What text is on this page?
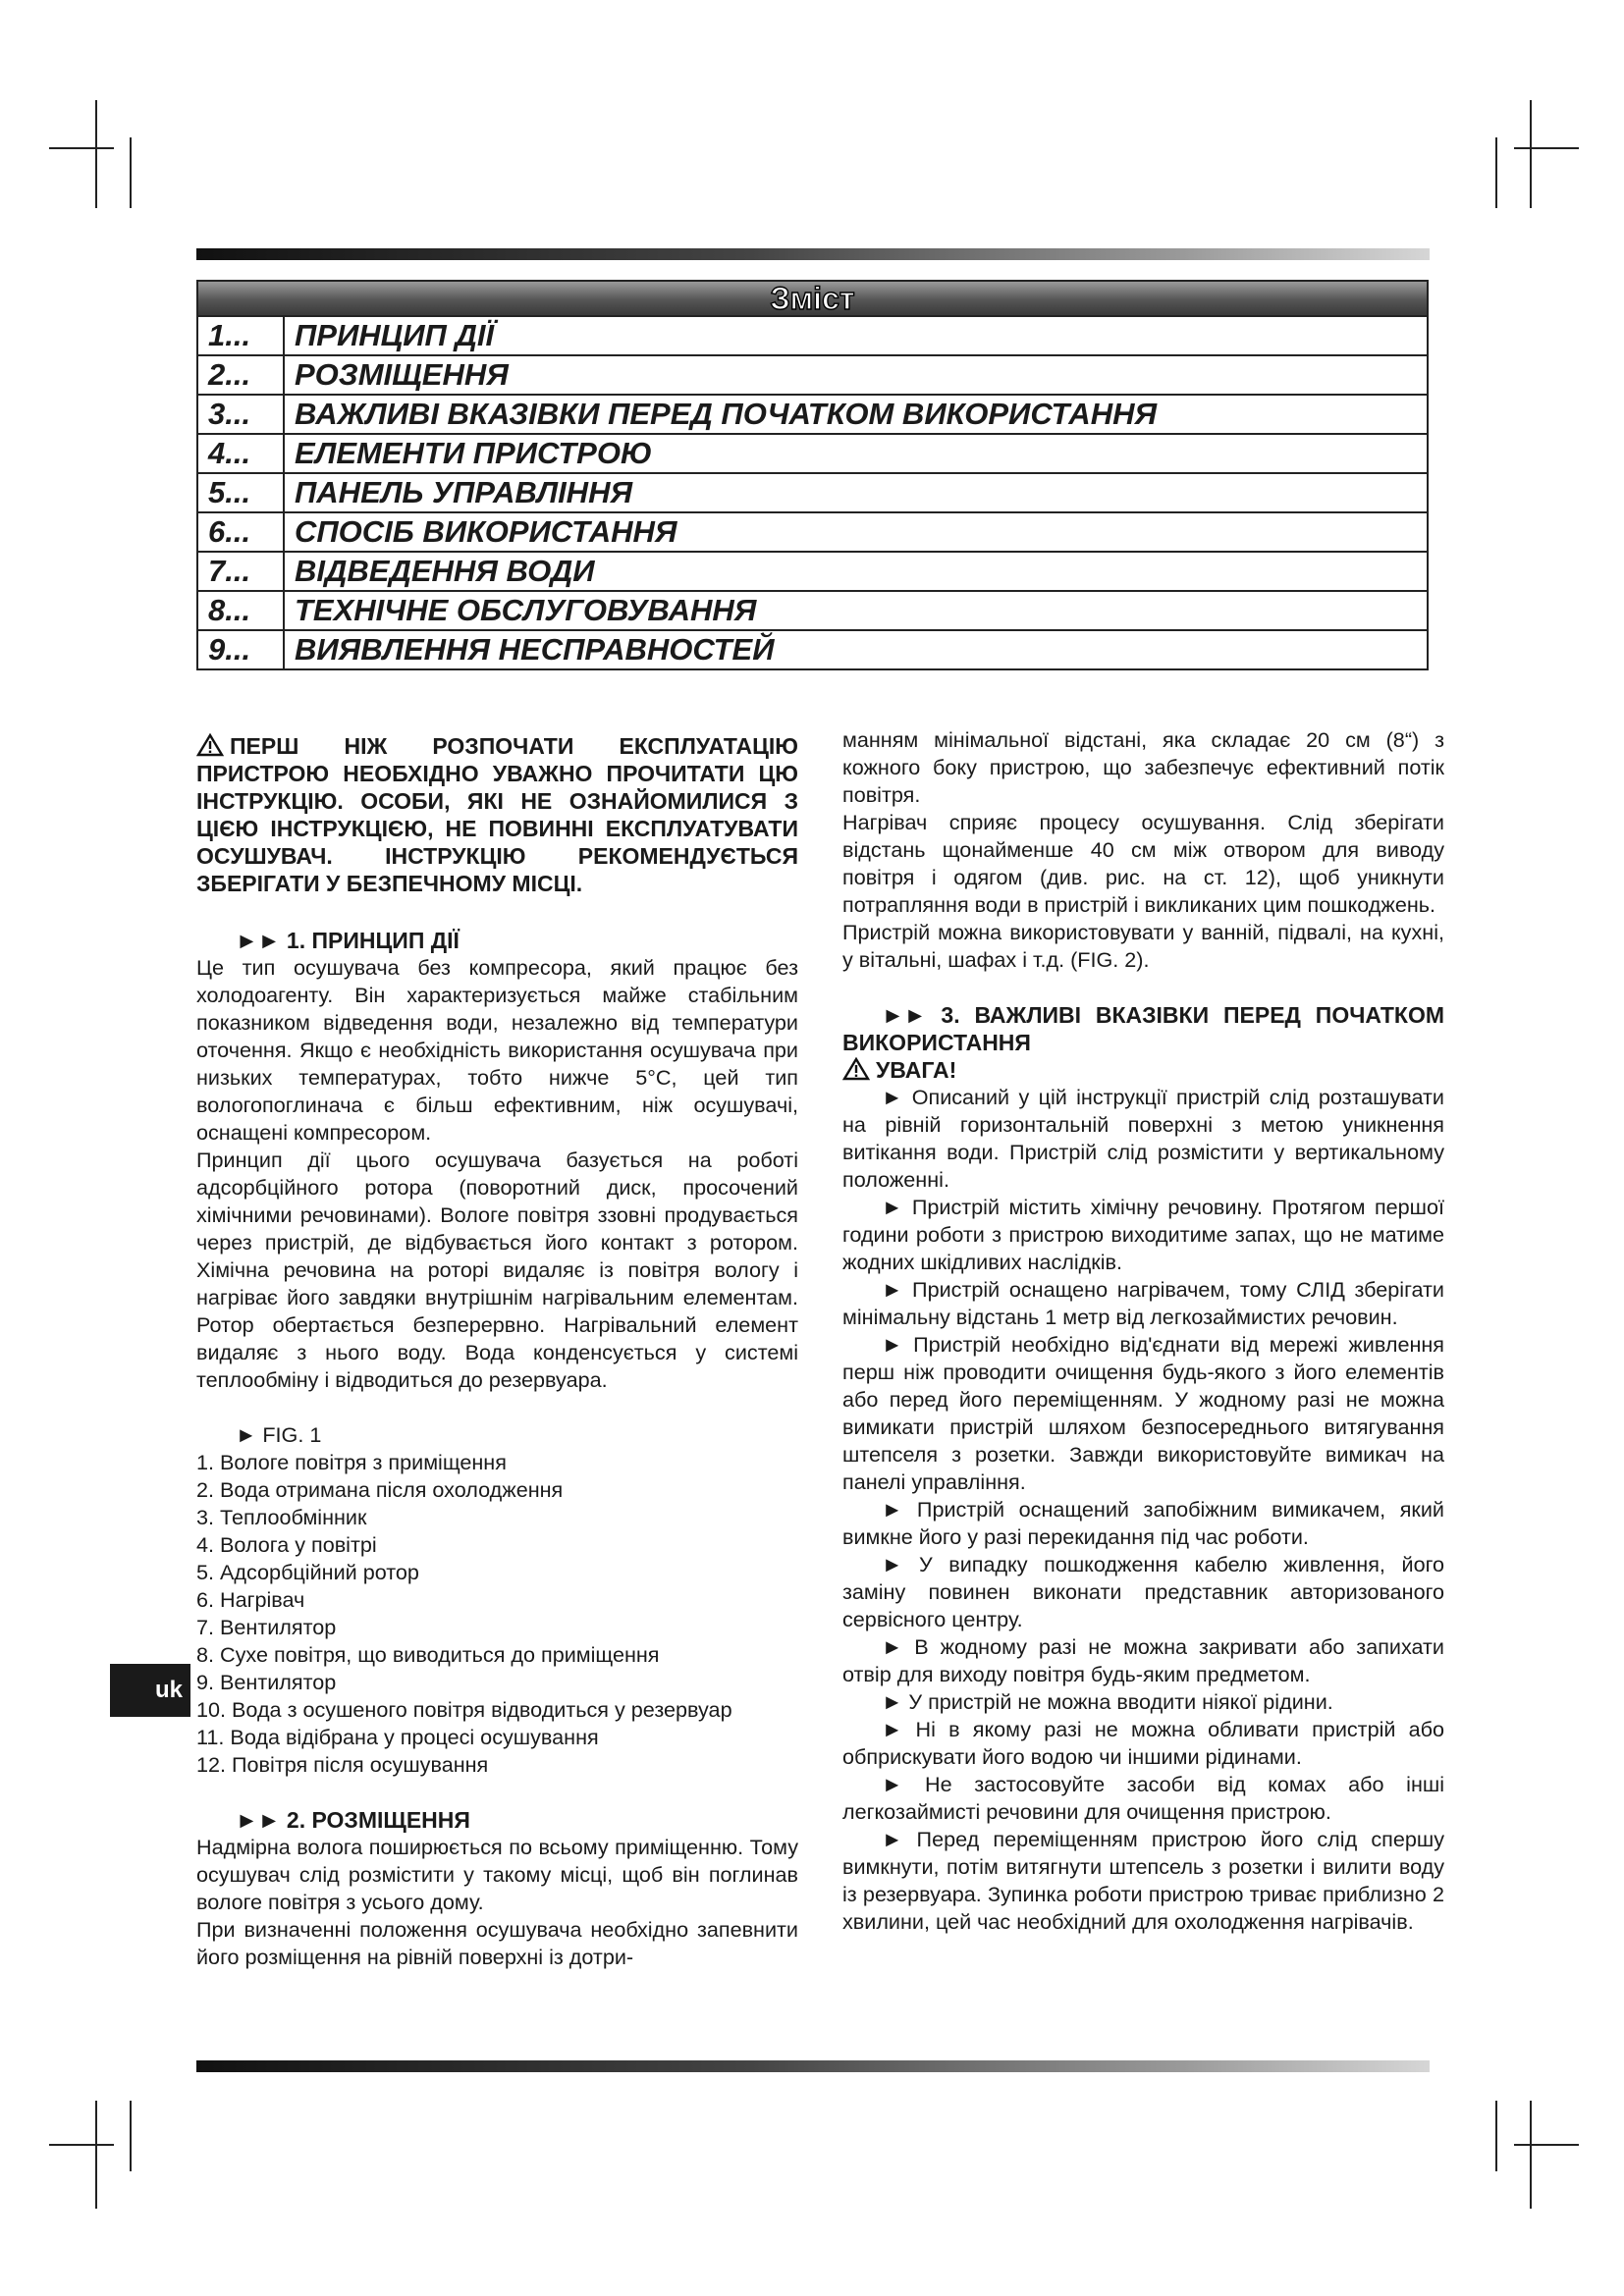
Зміст	
1...	ПРИНЦИП ДІЇ
2...	РОЗМІЩЕННЯ
3...	ВАЖЛИВІ ВКАЗІВКИ ПЕРЕД ПОЧАТКОМ ВИКОРИСТАННЯ
4...	ЕЛЕМЕНТИ ПРИСТРОЮ
5...	ПАНЕЛЬ УПРАВЛІННЯ
6...	СПОСІБ ВИКОРИСТАННЯ
7...	ВІДВЕДЕННЯ ВОДИ
8...	ТЕХНІЧНЕ ОБСЛУГОВУВАННЯ
9...	ВИЯВЛЕННЯ НЕСПРАВНОСТЕЙ

ПЕРШ НІЖ РОЗПОЧАТИ ЕКСПЛУАТАЦІЮ ПРИСТРОЮ НЕОБХІДНО УВАЖНО ПРОЧИТАТИ ЦЮ ІНСТРУКЦІЮ. ОСОБИ, ЯКІ НЕ ОЗНАЙОМИЛИСЯ З ЦІЄЮ ІНСТРУКЦІЄЮ, НЕ ПОВИННІ ЕКСПЛУАТУВАТИ ОСУШУВАЧ. ІНСТРУКЦІЮ РЕКОМЕНДУЄТЬСЯ ЗБЕРІГАТИ У БЕЗПЕЧНОМУ МІСЦІ.

►► 1. ПРИНЦИП ДІЇ

Це тип осушувача без компресора, який працює без холодоагенту. Він характеризується майже стабільним показником відведення води, незалежно від температури оточення. Якщо є необхідність використання осушувача при низьких температурах, тобто нижче 5°C, цей тип вологопоглинача є більш ефективним, ніж осушувачі, оснащені компресором.

Принцип дії цього осушувача базується на роботі адсорбційного ротора (поворотний диск, просочений хімічними речовинами). Вологе повітря ззовні продувається через пристрій, де відбувається його контакт з ротором. Хімічна речовина на роторі видаляє із повітря вологу і нагріває його завдяки внутрішнім нагрівальним елементам. Ротор обертається безперервно. Нагрівальний елемент видаляє з нього воду. Вода конденсується у системі теплообміну і відводиться до резервуара.

► FIG. 1

1. Вологе повітря з приміщення
2. Вода отримана після охолодження
3. Теплообмінник
4. Волога у повітрі
5. Адсорбційний ротор
6. Нагрівач
7. Вентилятор
8. Сухе повітря, що виводиться до приміщення
9. Вентилятор
10. Вода з осушеного повітря відводиться у резервуар
11. Вода відібрана у процесі осушування
12. Повітря після осушування

►► 2. РОЗМІЩЕННЯ

Надмірна волога поширюється по всьому приміщенню. Тому осушувач слід розмістити у такому місці, щоб він поглинав вологе повітря з усього дому.

При визначенні положення осушувача необхідно запевнити його розміщення на рівній поверхні із дотри-

манням мінімальної відстані, яка складає 20 см (8“) з кожного боку пристрою, що забезпечує ефективний потік повітря.

Нагрівач сприяє процесу осушування. Слід зберігати відстань щонайменше 40 см між отвором для виводу повітря і одягом (див. рис. на ст. 12), щоб уникнути потрапляння води в пристрій і викликаних цим пошкоджень.

Пристрій можна використовувати у ванній, підвалі, на кухні, у вітальні, шафах і т.д. (FIG. 2).

►► 3. ВАЖЛИВІ ВКАЗІВКИ ПЕРЕД ПОЧАТКОМ ВИКОРИСТАННЯ

УВАГА!

► Описаний у цій інструкції пристрій слід розташувати на рівній горизонтальній поверхні з метою уникнення витікання води. Пристрій слід розмістити у вертикальному положенні.

► Пристрій містить хімічну речовину. Протягом першої години роботи з пристрою виходитиме запах, що не матиме жодних шкідливих наслідків.

► Пристрій оснащено нагрівачем, тому СЛІД зберігати мінімальну відстань 1 метр від легкозаймистих речовин.

► Пристрій необхідно від'єднати від мережі живлення перш ніж проводити очищення будь-якого з його елементів або перед його переміщенням. У жодному разі не можна вимикати пристрій шляхом безпосереднього витягування штепселя з розетки. Завжди використовуйте вимикач на панелі управління.

► Пристрій оснащений запобіжним вимикачем, який вимкне його у разі перекидання під час роботи.

► У випадку пошкодження кабелю живлення, його заміну повинен виконати представник авторизованого сервісного центру.

► В жодному разі не можна закривати або запихати отвір для виходу повітря будь-яким предметом.

► У пристрій не можна вводити ніякої рідини.

► Ні в якому разі не можна обливати пристрій або обприскувати його водою чи іншими рідинами.

► Не застосовуйте засоби від комах або інші легкозаймисті речовини для очищення пристрою.

► Перед переміщенням пристрою його слід спершу вимкнути, потім витягнути штепсель з розетки і вилити воду із резервуара. Зупинка роботи пристрою триває приблизно 2 хвилини, цей час необхідний для охолодження нагрівачів.

uk
